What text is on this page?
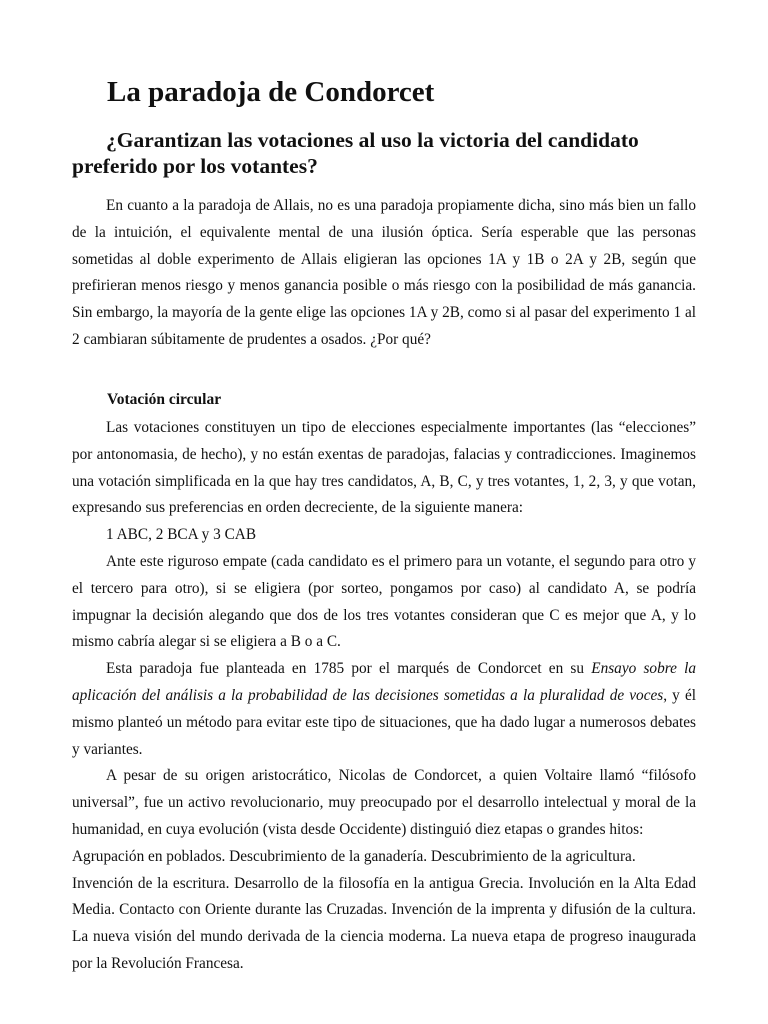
La paradoja de Condorcet
¿Garantizan las votaciones al uso la victoria del candidato preferido por los votantes?

En cuanto a la paradoja de Allais, no es una paradoja propiamente dicha, sino más bien un fallo de la intuición, el equivalente mental de una ilusión óptica. Sería esperable que las personas sometidas al doble experimento de Allais eligieran las opciones 1A y 1B o 2A y 2B, según que prefirieran menos riesgo y menos ganancia posible o más riesgo con la posibilidad de más ganancia. Sin embargo, la mayoría de la gente elige las opciones 1A y 2B, como si al pasar del experimento 1 al 2 cambiaran súbitamente de prudentes a osados. ¿Por qué?

Votación circular

Las votaciones constituyen un tipo de elecciones especialmente importantes (las “elecciones” por antonomasia, de hecho), y no están exentas de paradojas, falacias y contradicciones. Imaginemos una votación simplificada en la que hay tres candidatos, A, B, C, y tres votantes, 1, 2, 3, y que votan, expresando sus preferencias en orden decreciente, de la siguiente manera:

1 ABC, 2 BCA y 3 CAB

Ante este riguroso empate (cada candidato es el primero para un votante, el segundo para otro y el tercero para otro), si se eligiera (por sorteo, pongamos por caso) al candidato A, se podría impugnar la decisión alegando que dos de los tres votantes consideran que C es mejor que A, y lo mismo cabría alegar si se eligiera a B o a C.

Esta paradoja fue planteada en 1785 por el marqués de Condorcet en su Ensayo sobre la aplicación del análisis a la probabilidad de las decisiones sometidas a la pluralidad de voces, y él mismo planteó un método para evitar este tipo de situaciones, que ha dado lugar a numerosos debates y variantes.

A pesar de su origen aristocrático, Nicolas de Condorcet, a quien Voltaire llamó “filósofo universal”, fue un activo revolucionario, muy preocupado por el desarrollo intelectual y moral de la humanidad, en cuya evolución (vista desde Occidente) distinguió diez etapas o grandes hitos:

Agrupación en poblados. Descubrimiento de la ganadería. Descubrimiento de la agricultura.

Invención de la escritura. Desarrollo de la filosofía en la antigua Grecia. Involución en la Alta Edad Media. Contacto con Oriente durante las Cruzadas. Invención de la imprenta y difusión de la cultura. La nueva visión del mundo derivada de la ciencia moderna. La nueva etapa de progreso inaugurada por la Revolución Francesa.
